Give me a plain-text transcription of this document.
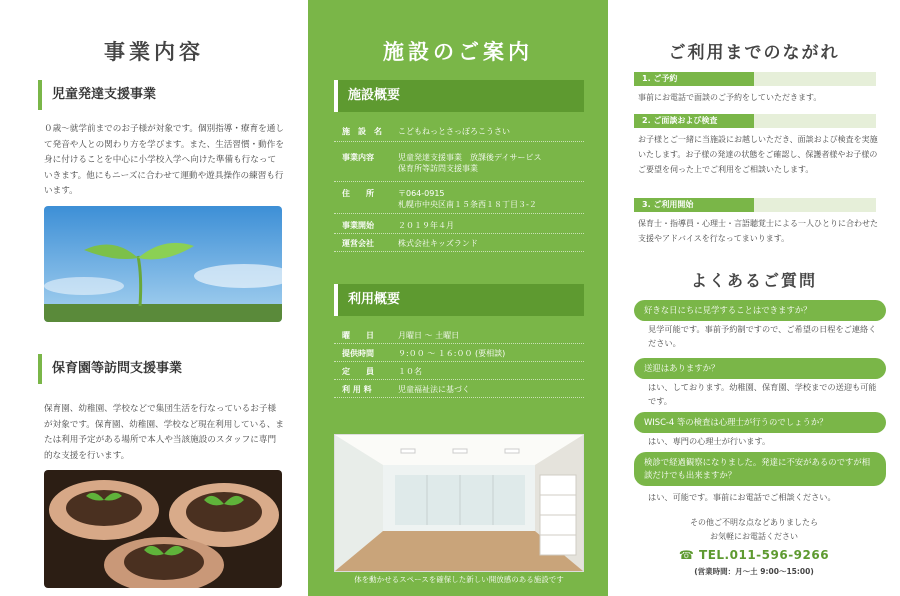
事業内容
児童発達支援事業
０歳～就学前までのお子様が対象です。個別指導・療育を通して発音や人との関わり方を学びます。また、生活習慣・動作を身に付けることを中心に小学校入学へ向けた準備も行なっていきます。他にもニーズに合わせて運動や遊具操作の練習も行います。
保育園等訪問支援事業
保育園、幼稚園、学校などで集団生活を行なっているお子様が対象です。保育園、幼稚園、学校など現在利用している、または利用予定がある場所で本人や当該施設のスタッフに専門的な支援を行います。
施設のご案内
施設概要
施　設　名	こどもねっとさっぽろこうさい

事業内容	児童発達支援事業　放課後デイサービス
保育所等訪問支援事業

住　　所	〒064-0915
札幌市中央区南１５条西１８丁目３-２

事業開始	２０１９年４月
運営会社	株式会社キッズランド
利用概要
曜　　日	月曜日 ～ 土曜日
提供時間	９:００ ～ １６:００ (要相談)
定　　員	１０名
利 用 料	児童福祉法に基づく
体を動かせるスペースを確保した新しい開放感のある施設です
ご利用までのながれ
1. ご予約
事前にお電話で面談のご予約をしていただきます。
2. ご面談および検査
お子様とご一緒に当施設にお越しいただき、面談および検査を実施いたします。お子様の発達の状態をご確認し、保護者様やお子様のご要望を伺った上でご利用をご相談いたします。
3. ご利用開始
保育士・指導員・心理士・言語聴覚士による一人ひとりに合わせた支援やアドバイスを行なってまいります。
よくあるご質問
好きな日にちに見学することはできますか？
見学可能です。事前予約制ですので、ご希望の日程をご連絡ください。
送迎はありますか？
はい、しております。幼稚園、保育園、学校までの送迎も可能です。
WISC-4 等の検査は心理士が行うのでしょうか？
はい、専門の心理士が行います。
検診で経過観察になりました。発達に不安があるのですが相談だけでも出来ますか？
はい、可能です。事前にお電話でご相談ください。
その他ご不明な点などありましたら
お気軽にお電話ください
☎ TEL.011-596-9266
(営業時間：月～土 9:00～15:00)
